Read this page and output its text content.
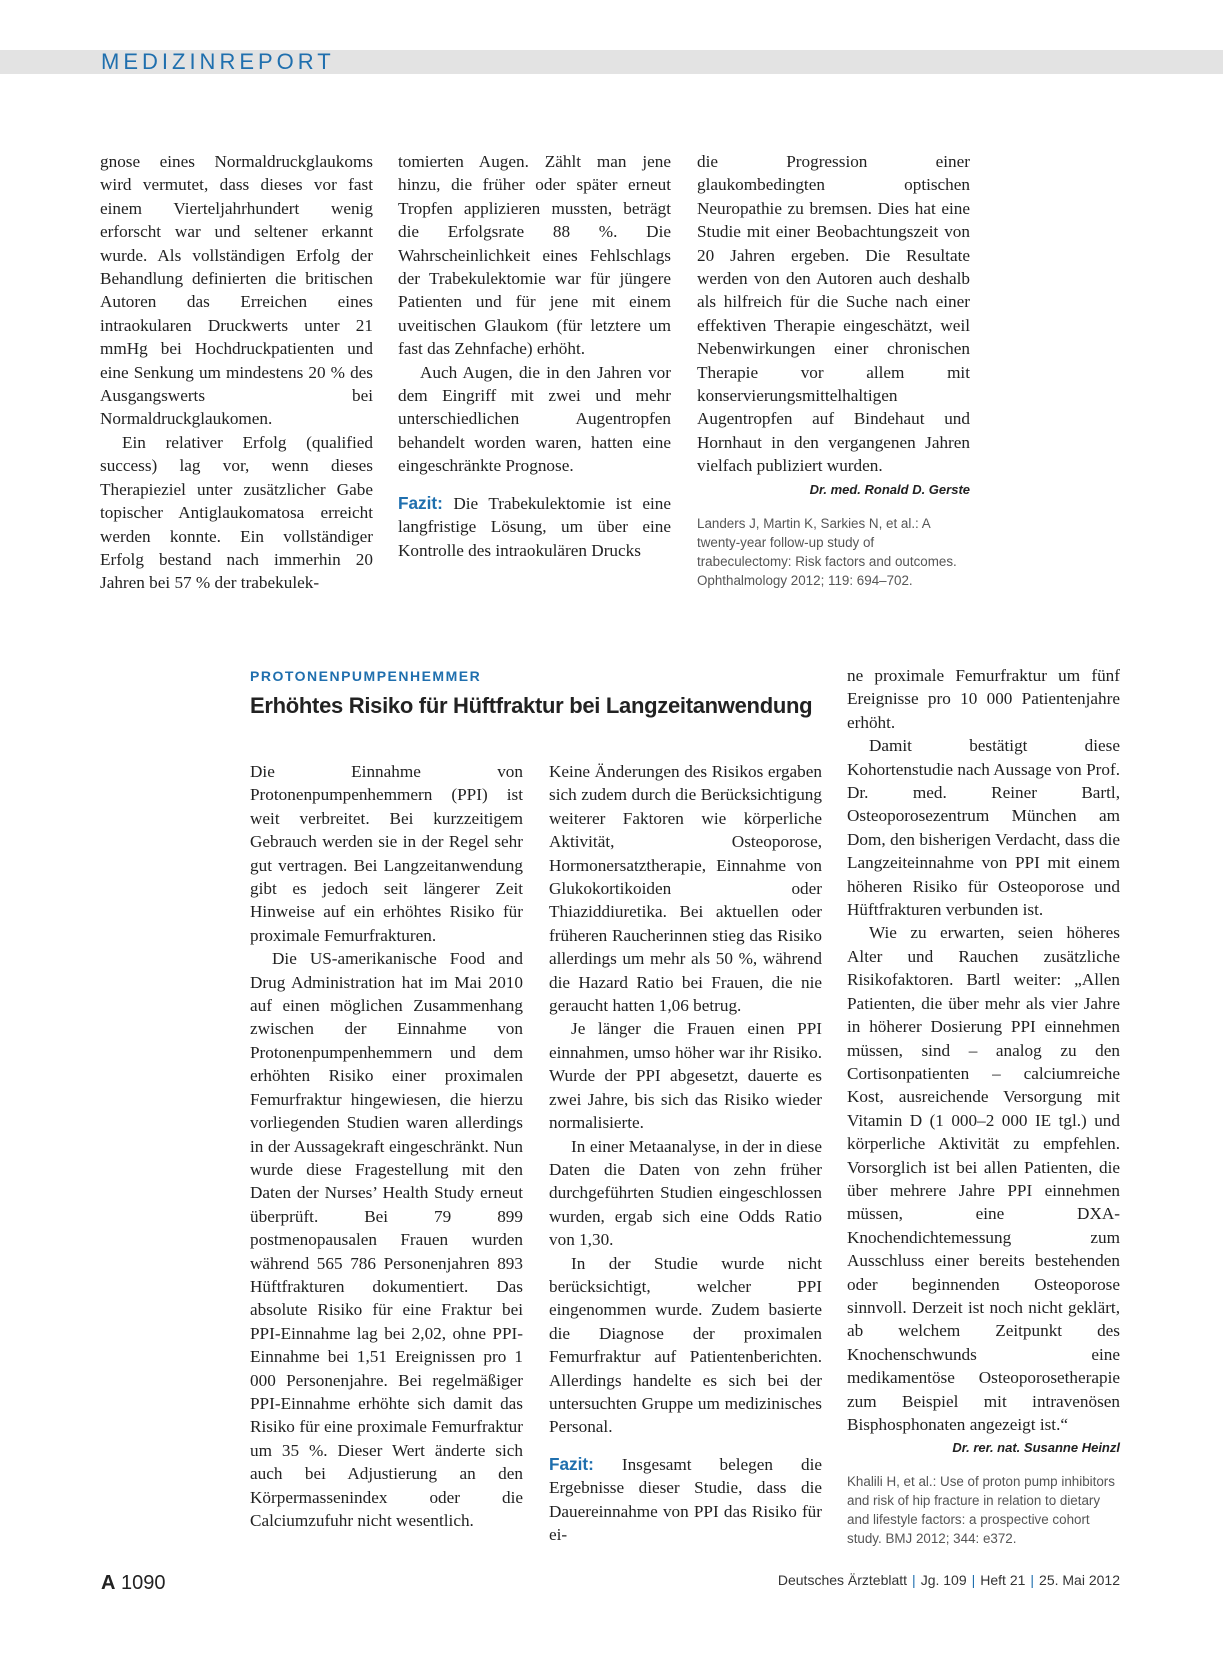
MEDIZINREPORT

gnose eines Normaldruckglaukoms wird vermutet, dass dieses vor fast einem Vierteljahrhundert wenig erforscht war und seltener erkannt wurde. Als vollständigen Erfolg der Behandlung definierten die britischen Autoren das Erreichen eines intraokularen Druckwerts unter 21 mmHg bei Hochdruckpatienten und eine Senkung um mindestens 20 % des Ausgangswerts bei Normaldruckglaukomen.

Ein relativer Erfolg (qualified success) lag vor, wenn dieses Therapieziel unter zusätzlicher Gabe topischer Antiglaukomatosa erreicht werden konnte. Ein vollständiger Erfolg bestand nach immerhin 20 Jahren bei 57 % der trabekulek-

tomierten Augen. Zählt man jene hinzu, die früher oder später erneut Tropfen applizieren mussten, beträgt die Erfolgsrate 88 %. Die Wahrscheinlichkeit eines Fehlschlags der Trabekulektomie war für jüngere Patienten und für jene mit einem uveitischen Glaukom (für letztere um fast das Zehnfache) erhöht.

Auch Augen, die in den Jahren vor dem Eingriff mit zwei und mehr unterschiedlichen Augentropfen behandelt worden waren, hatten eine eingeschränkte Prognose.

Fazit: Die Trabekulektomie ist eine langfristige Lösung, um über eine Kontrolle des intraokulären Drucks

die Progression einer glaukombedingten optischen Neuropathie zu bremsen. Dies hat eine Studie mit einer Beobachtungszeit von 20 Jahren ergeben. Die Resultate werden von den Autoren auch deshalb als hilfreich für die Suche nach einer effektiven Therapie eingeschätzt, weil Nebenwirkungen einer chronischen Therapie vor allem mit konservierungsmittelhaltigen Augentropfen auf Bindehaut und Hornhaut in den vergangenen Jahren vielfach publiziert wurden.

Dr. med. Ronald D. Gerste

Landers J, Martin K, Sarkies N, et al.: A twenty-year follow-up study of trabeculectomy: Risk factors and outcomes. Ophthalmology 2012; 119: 694–702.

PROTONENPUMPENHEMMER
Erhöhtes Risiko für Hüftfraktur bei Langzeitanwendung

Die Einnahme von Protonenpumpenhemmern (PPI) ist weit verbreitet. Bei kurzzeitigem Gebrauch werden sie in der Regel sehr gut vertragen. Bei Langzeitanwendung gibt es jedoch seit längerer Zeit Hinweise auf ein erhöhtes Risiko für proximale Femurfrakturen.

Die US-amerikanische Food and Drug Administration hat im Mai 2010 auf einen möglichen Zusammenhang zwischen der Einnahme von Protonenpumpenhemmern und dem erhöhten Risiko einer proximalen Femurfraktur hingewiesen, die hierzu vorliegenden Studien waren allerdings in der Aussagekraft eingeschränkt. Nun wurde diese Fragestellung mit den Daten der Nurses’ Health Study erneut überprüft. Bei 79 899 postmenopausalen Frauen wurden während 565 786 Personenjahren 893 Hüftfrakturen dokumentiert. Das absolute Risiko für eine Fraktur bei PPI-Einnahme lag bei 2,02, ohne PPI-Einnahme bei 1,51 Ereignissen pro 1 000 Personenjahre. Bei regelmäßiger PPI-Einnahme erhöhte sich damit das Risiko für eine proximale Femurfraktur um 35 %. Dieser Wert änderte sich auch bei Adjustierung an den Körpermassenindex oder die Calciumzufuhr nicht wesentlich.

Keine Änderungen des Risikos ergaben sich zudem durch die Berücksichtigung weiterer Faktoren wie körperliche Aktivität, Osteoporose, Hormonersatztherapie, Einnahme von Glukokortikoiden oder Thiaziddiuretika. Bei aktuellen oder früheren Raucherinnen stieg das Risiko allerdings um mehr als 50 %, während die Hazard Ratio bei Frauen, die nie geraucht hatten 1,06 betrug.

Je länger die Frauen einen PPI einnahmen, umso höher war ihr Risiko. Wurde der PPI abgesetzt, dauerte es zwei Jahre, bis sich das Risiko wieder normalisierte.

In einer Metaanalyse, in der in diese Daten die Daten von zehn früher durchgeführten Studien eingeschlossen wurden, ergab sich eine Odds Ratio von 1,30.

In der Studie wurde nicht berücksichtigt, welcher PPI eingenommen wurde. Zudem basierte die Diagnose der proximalen Femurfraktur auf Patientenberichten. Allerdings handelte es sich bei der untersuchten Gruppe um medizinisches Personal.

Fazit: Insgesamt belegen die Ergebnisse dieser Studie, dass die Dauereinnahme von PPI das Risiko für ei-

ne proximale Femurfraktur um fünf Ereignisse pro 10 000 Patientenjahre erhöht.

Damit bestätigt diese Kohortenstudie nach Aussage von Prof. Dr. med. Reiner Bartl, Osteoporosezentrum München am Dom, den bisherigen Verdacht, dass die Langzeiteinnahme von PPI mit einem höheren Risiko für Osteoporose und Hüftfrakturen verbunden ist.

Wie zu erwarten, seien höheres Alter und Rauchen zusätzliche Risikofaktoren. Bartl weiter: „Allen Patienten, die über mehr als vier Jahre in höherer Dosierung PPI einnehmen müssen, sind – analog zu den Cortisonpatienten – calciumreiche Kost, ausreichende Versorgung mit Vitamin D (1 000–2 000 IE tgl.) und körperliche Aktivität zu empfehlen. Vorsorglich ist bei allen Patienten, die über mehrere Jahre PPI einnehmen müssen, eine DXA-Knochendichtemessung zum Ausschluss einer bereits bestehenden oder beginnenden Osteoporose sinnvoll. Derzeit ist noch nicht geklärt, ab welchem Zeitpunkt des Knochenschwunds eine medikamentöse Osteoporosetherapie zum Beispiel mit intravenösen Bisphosphonaten angezeigt ist.“

Dr. rer. nat. Susanne Heinzl

Khalili H, et al.: Use of proton pump inhibitors and risk of hip fracture in relation to dietary and lifestyle factors: a prospective cohort study. BMJ 2012; 344: e372.

A 1090	Deutsches Ärzteblatt | Jg. 109 | Heft 21 | 25. Mai 2012
